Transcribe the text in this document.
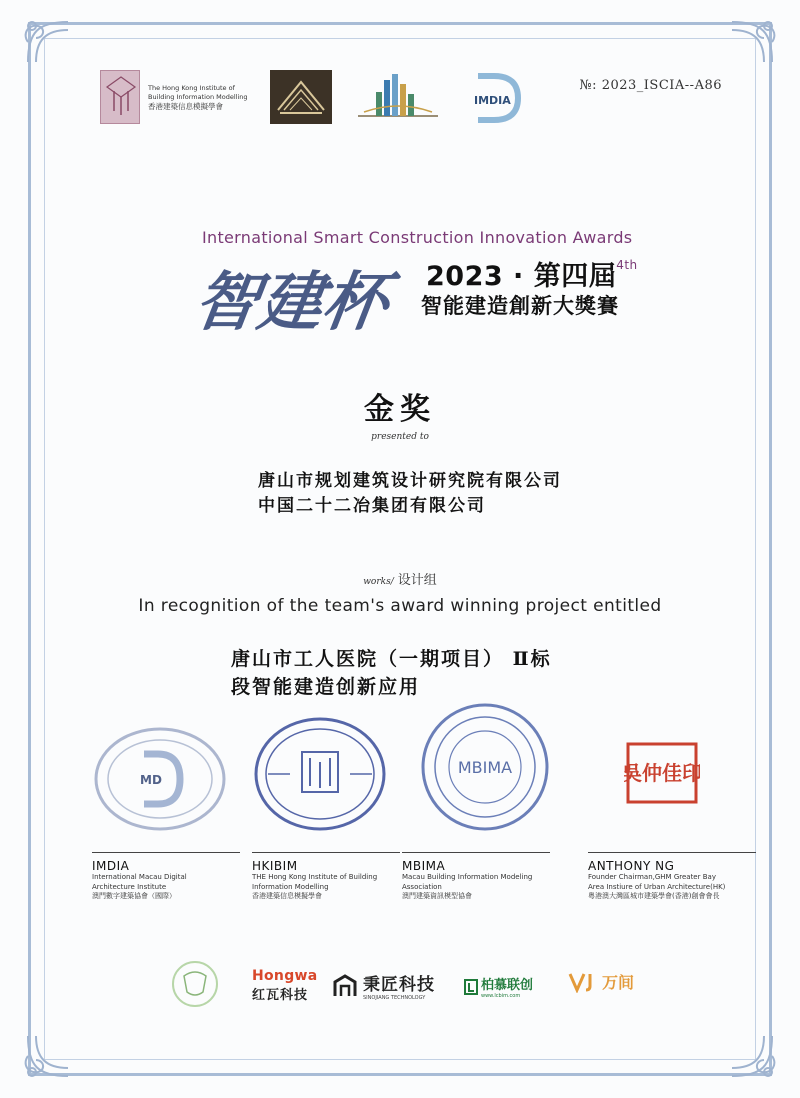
№: 2023_ISCIA--A86
The Hong Kong Institute of
Building Information Modelling
香港建築信息模擬學會	IMDIA
International Smart Construction Innovation Awards
智建杯	2023 · 第四屆$^{4th}$
智能建造創新大獎賽
金奖
presented to
唐山市规划建筑设计研究院有限公司
中国二十二冶集团有限公司
works/ 设计组
In recognition of the team's award winning project entitled
唐山市工人医院（一期项目） Ⅱ标
段智能建造创新应用
MD
MBIMA	吳仲佳印
IMDIA
International Macau Digital
Architecture Institute
澳門數字建築協會（國際）
HKIBIM
THE Hong Kong Institute of Building
Information Modelling
香港建築信息模擬學會
MBIMA
Macau Building Information Modeling Association
澳門建築資訊模型協會
ANTHONY NG
Founder Chairman,GHM Greater Bay
Area Instiure of Urban Architecture(HK)
粤港澳大灣區城市建築學會(香港)創會會長
Hongwa
红瓦科技
秉匠科技
SINOJIANG TECHNOLOGY
柏慕联创
www.lcbim.com
万间
